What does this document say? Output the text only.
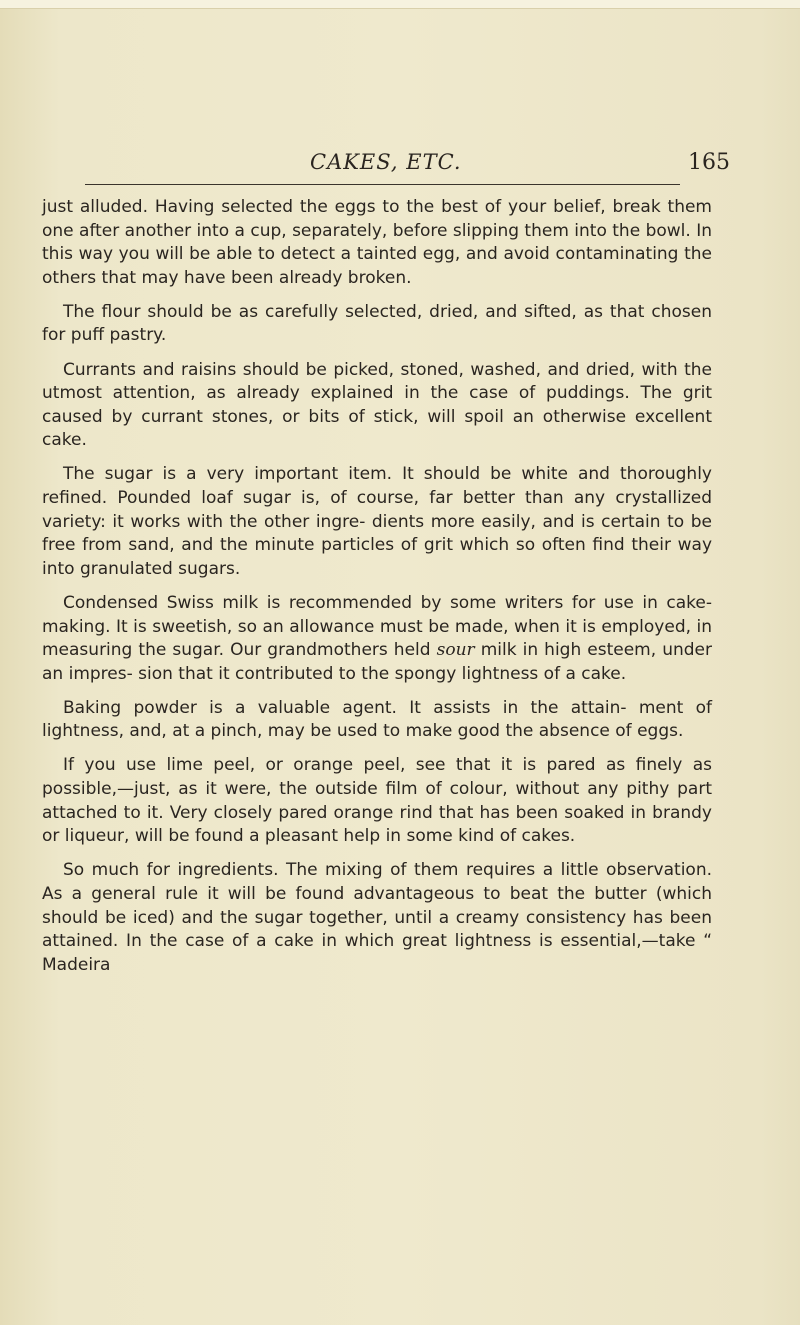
CAKES, ETC.	165

just alluded. Having selected the eggs to the best of your belief, break them one after another into a cup, separately, before slipping them into the bowl. In this way you will be able to detect a tainted egg, and avoid contaminating the others that may have been already broken.

The flour should be as carefully selected, dried, and sifted, as that chosen for puff pastry.

Currants and raisins should be picked, stoned, washed, and dried, with the utmost attention, as already explained in the case of puddings. The grit caused by currant stones, or bits of stick, will spoil an otherwise excellent cake.

The sugar is a very important item. It should be white and thoroughly refined. Pounded loaf sugar is, of course, far better than any crystallized variety: it works with the other ingre- dients more easily, and is certain to be free from sand, and the minute particles of grit which so often find their way into granulated sugars.

Condensed Swiss milk is recommended by some writers for use in cake-making. It is sweetish, so an allowance must be made, when it is employed, in measuring the sugar. Our grandmothers held sour milk in high esteem, under an impres- sion that it contributed to the spongy lightness of a cake.

Baking powder is a valuable agent. It assists in the attain- ment of lightness, and, at a pinch, may be used to make good the absence of eggs.

If you use lime peel, or orange peel, see that it is pared as finely as possible,—just, as it were, the outside film of colour, without any pithy part attached to it. Very closely pared orange rind that has been soaked in brandy or liqueur, will be found a pleasant help in some kind of cakes.

So much for ingredients. The mixing of them requires a little observation. As a general rule it will be found advantageous to beat the butter (which should be iced) and the sugar together, until a creamy consistency has been attained. In the case of a cake in which great lightness is essential,—take “ Madeira
